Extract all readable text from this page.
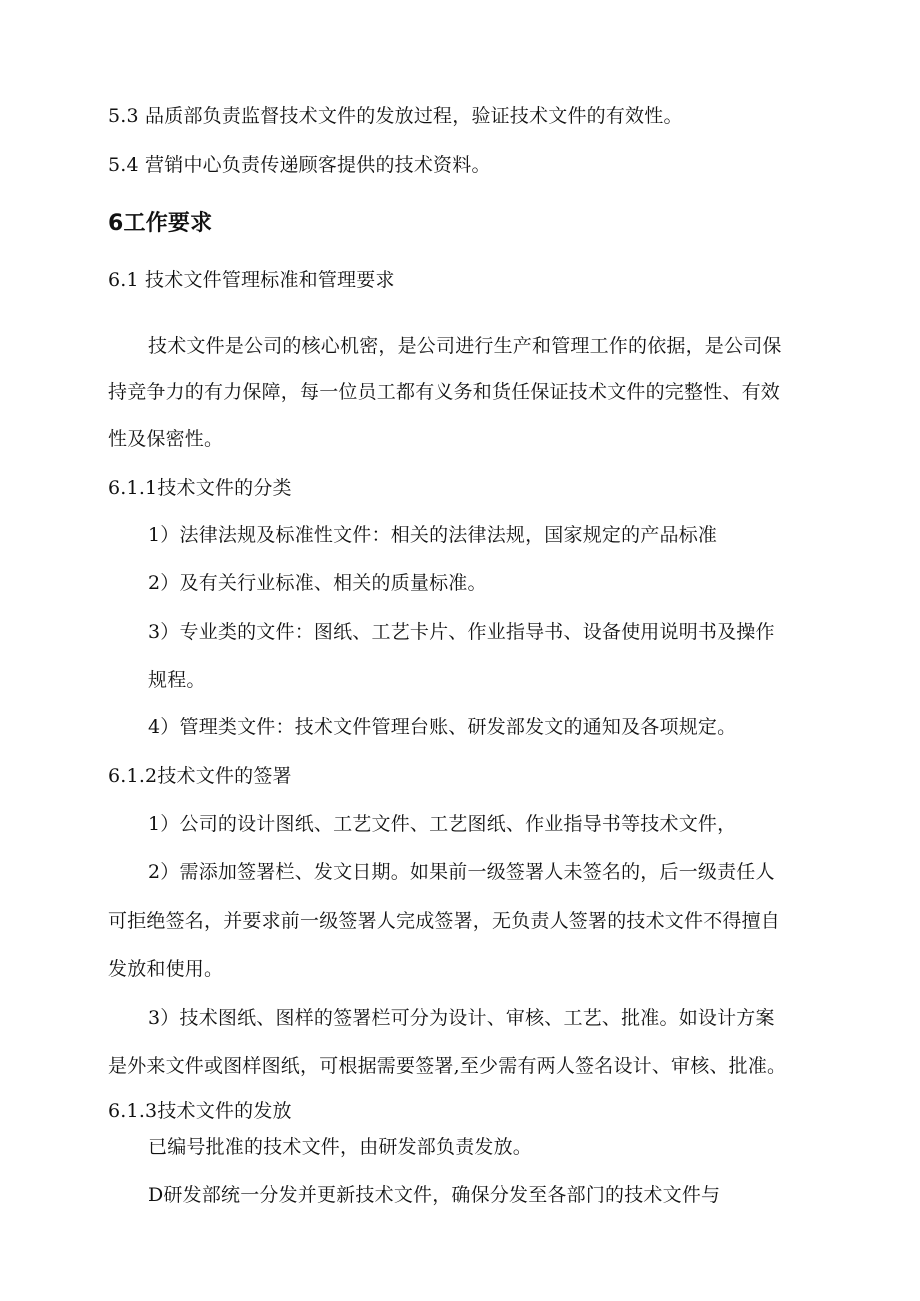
5.3 品质部负责监督技术文件的发放过程，验证技术文件的有效性。
5.4 营销中心负责传递顾客提供的技术资料。
6工作要求
6.1 技术文件管理标准和管理要求
技术文件是公司的核心机密，是公司进行生产和管理工作的依据，是公司保
持竞争力的有力保障，每一位员工都有义务和货任保证技术文件的完整性、有效
性及保密性。
6.1.1技术文件的分类
1）法律法规及标准性文件：相关的法律法规，国家规定的产品标准
2）及有关行业标准、相关的质量标准。
3）专业类的文件：图纸、工艺卡片、作业指导书、设备使用说明书及操作
规程。
4）管理类文件：技术文件管理台账、研发部发文的通知及各项规定。
6.1.2技术文件的签署
1）公司的设计图纸、工艺文件、工艺图纸、作业指导书等技术文件，
2）需添加签署栏、发文日期。如果前一级签署人未签名的，后一级责任人
可拒绝签名，并要求前一级签署人完成签署，无负责人签署的技术文件不得擅自
发放和使用。
3）技术图纸、图样的签署栏可分为设计、审核、工艺、批准。如设计方案
是外来文件或图样图纸，可根据需要签署,至少需有两人签名设计、审核、批准。
6.1.3技术文件的发放
已编号批准的技术文件，由研发部负责发放。
D研发部统一分发并更新技术文件，确保分发至各部门的技术文件与
